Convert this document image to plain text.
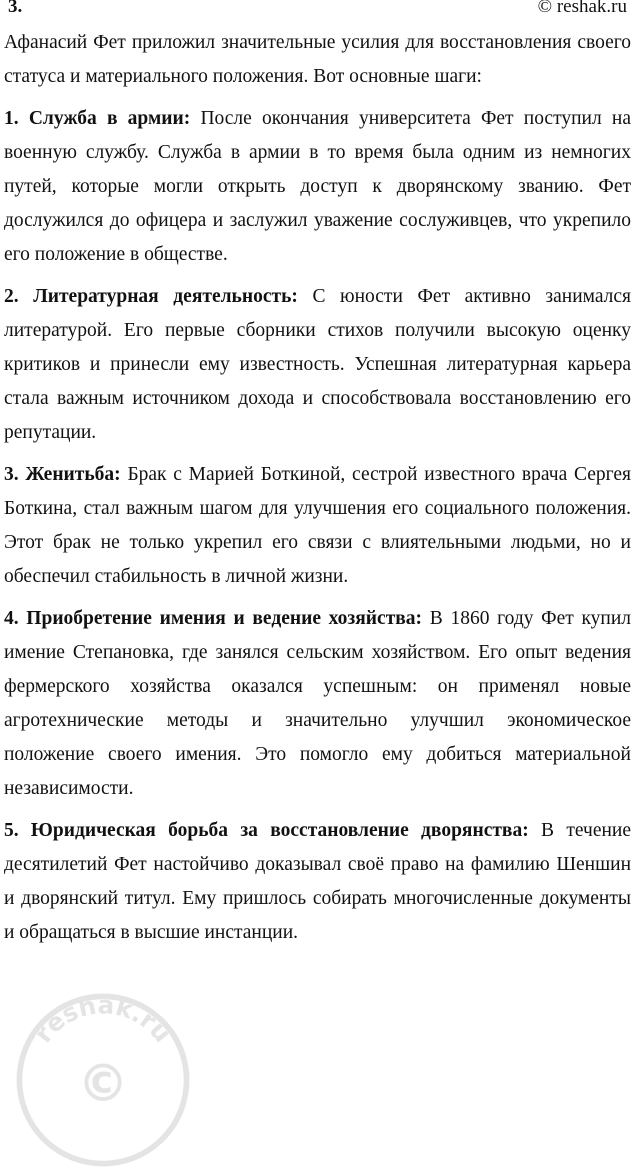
3.	© reshak.ru

Афанасий Фет приложил значительные усилия для восстановления своего статуса и материального положения. Вот основные шаги:

1. Служба в армии: После окончания университета Фет поступил на военную службу. Служба в армии в то время была одним из немногих путей, которые могли открыть доступ к дворянскому званию. Фет дослужился до офицера и заслужил уважение сослуживцев, что укрепило его положение в обществе.

2. Литературная деятельность: С юности Фет активно занимался литературой. Его первые сборники стихов получили высокую оценку критиков и принесли ему известность. Успешная литературная карьера стала важным источником дохода и способствовала восстановлению его репутации.

3. Женитьба: Брак с Марией Боткиной, сестрой известного врача Сергея Боткина, стал важным шагом для улучшения его социального положения. Этот брак не только укрепил его связи с влиятельными людьми, но и обеспечил стабильность в личной жизни.

4. Приобретение имения и ведение хозяйства: В 1860 году Фет купил имение Степановка, где занялся сельским хозяйством. Его опыт ведения фермерского хозяйства оказался успешным: он применял новые агротехнические методы и значительно улучшил экономическое положение своего имения. Это помогло ему добиться материальной независимости.

5. Юридическая борьба за восстановление дворянства: В течение десятилетий Фет настойчиво доказывал своё право на фамилию Шеншин и дворянский титул. Ему пришлось собирать многочисленные документы и обращаться в высшие инстанции.

©
reshak.ru
